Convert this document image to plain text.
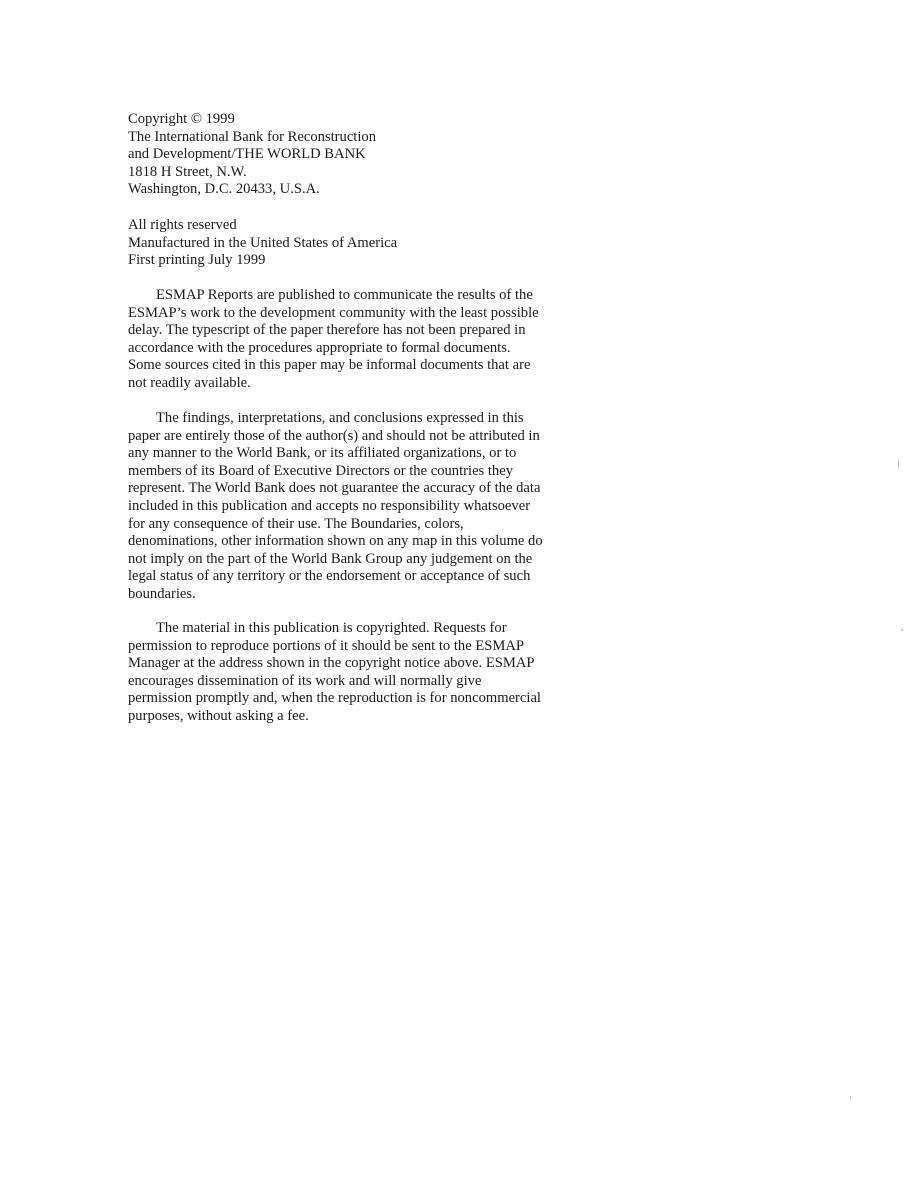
Copyright © 1999
The International Bank for Reconstruction
and Development/THE WORLD BANK
1818 H Street, N.W.
Washington, D.C. 20433, U.S.A.
All rights reserved
Manufactured in the United States of America
First printing July 1999
ESMAP Reports are published to communicate the results of the
ESMAP’s work to the development community with the least possible
delay. The typescript of the paper therefore has not been prepared in
accordance with the procedures appropriate to formal documents.
Some sources cited in this paper may be informal documents that are
not readily available.
The findings, interpretations, and conclusions expressed in this
paper are entirely those of the author(s) and should not be attributed in
any manner to the World Bank, or its affiliated organizations, or to
members of its Board of Executive Directors or the countries they
represent. The World Bank does not guarantee the accuracy of the data
included in this publication and accepts no responsibility whatsoever
for any consequence of their use. The Boundaries, colors,
denominations, other information shown on any map in this volume do
not imply on the part of the World Bank Group any judgement on the
legal status of any territory or the endorsement or acceptance of such
boundaries.
The material in this publication is copyrighted. Requests for
permission to reproduce portions of it should be sent to the ESMAP
Manager at the address shown in the copyright notice above. ESMAP
encourages dissemination of its work and will normally give
permission promptly and, when the reproduction is for noncommercial
purposes, without asking a fee.
